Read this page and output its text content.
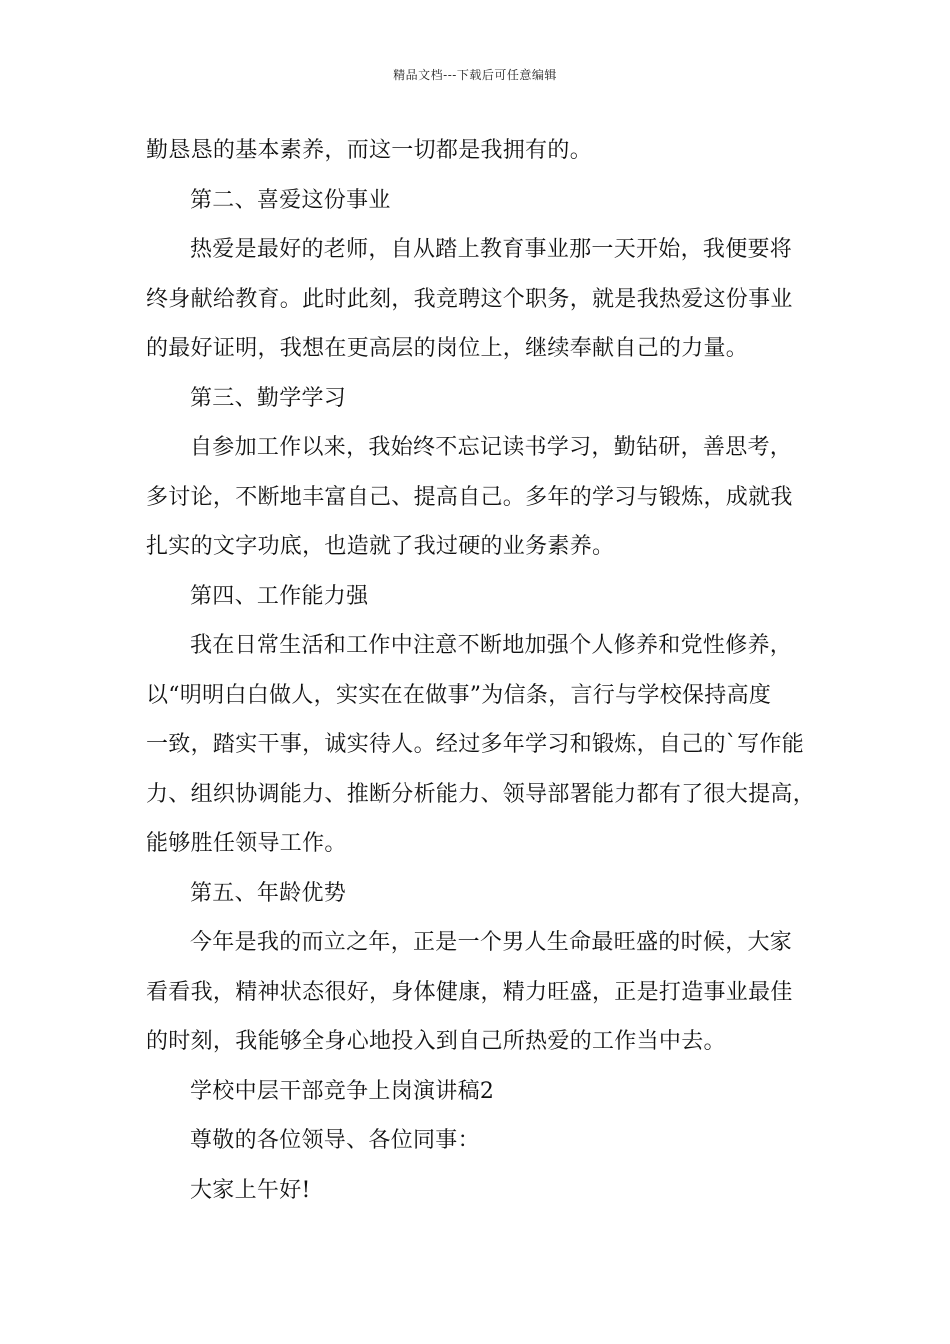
精品文档---下载后可任意编辑
勤恳恳的基本素养，而这一切都是我拥有的。
第二、喜爱这份事业
热爱是最好的老师，自从踏上教育事业那一天开始，我便要将
终身献给教育。此时此刻，我竞聘这个职务，就是我热爱这份事业
的最好证明，我想在更高层的岗位上，继续奉献自己的力量。
第三、勤学学习
自参加工作以来，我始终不忘记读书学习，勤钻研，善思考，
多讨论，不断地丰富自己、提高自己。多年的学习与锻炼，成就我
扎实的文字功底，也造就了我过硬的业务素养。
第四、工作能力强
我在日常生活和工作中注意不断地加强个人修养和党性修养，
以“明明白白做人，实实在在做事”为信条，言行与学校保持高度
一致，踏实干事，诚实待人。经过多年学习和锻炼，自己的`写作能
力、组织协调能力、推断分析能力、领导部署能力都有了很大提高，
能够胜任领导工作。
第五、年龄优势
今年是我的而立之年，正是一个男人生命最旺盛的时候，大家
看看我，精神状态很好，身体健康，精力旺盛，正是打造事业最佳
的时刻，我能够全身心地投入到自己所热爱的工作当中去。
学校中层干部竞争上岗演讲稿2
尊敬的各位领导、各位同事：
大家上午好!
